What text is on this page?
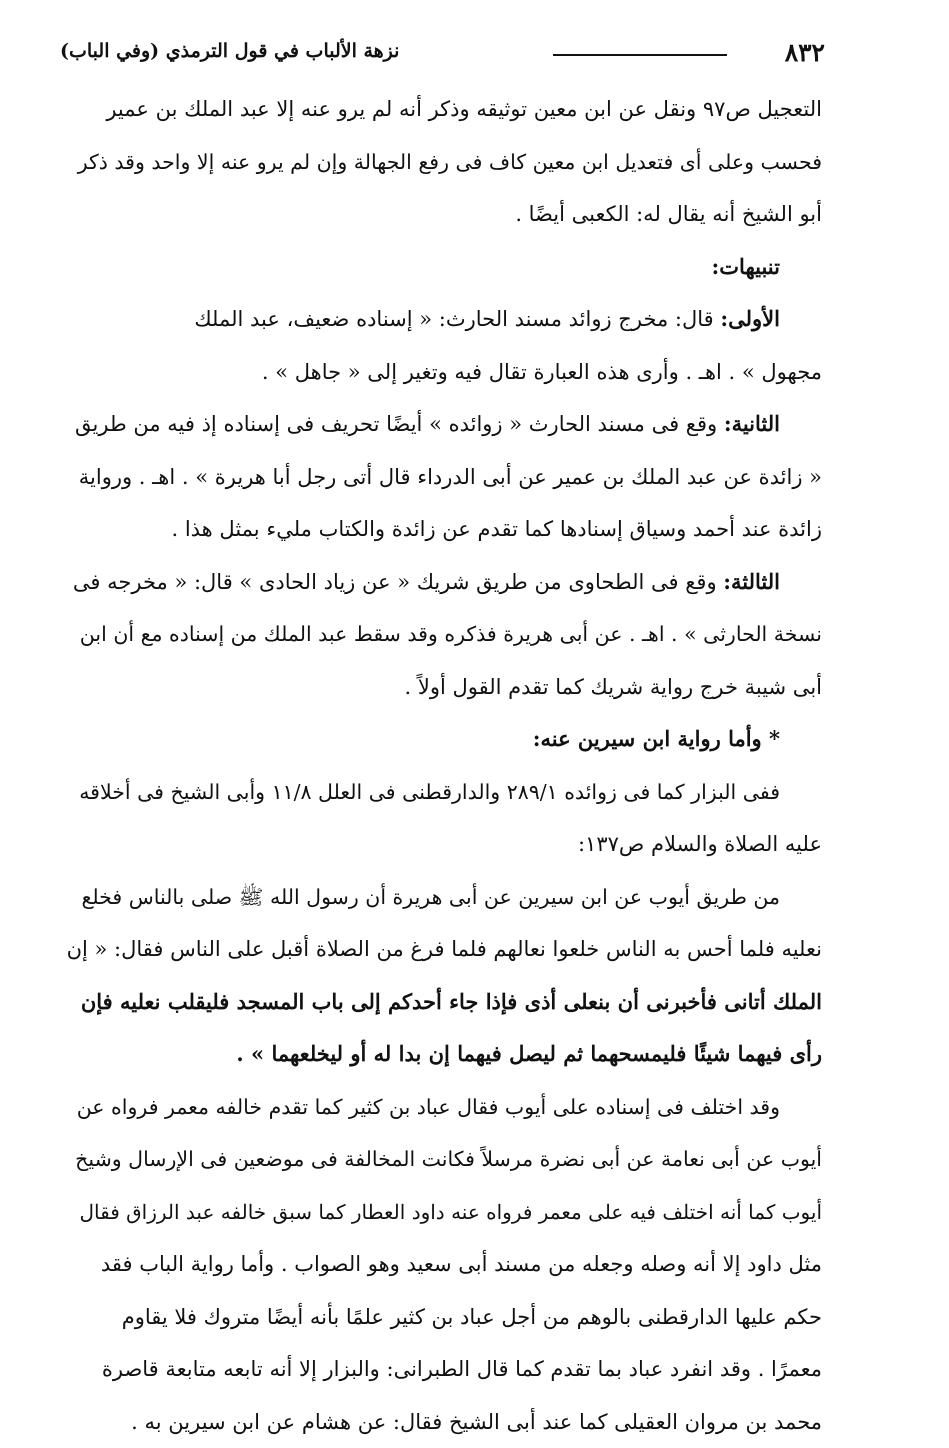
٨٣٢
نزهة الألباب في قول الترمذي (وفي الباب)
التعجيل ص٩٧ ونقل عن ابن معين توثيقه وذكر أنه لم يرو عنه إلا عبد الملك بن عمير
فحسب وعلى أى فتعديل ابن معين كاف فى رفع الجهالة وإن لم يرو عنه إلا واحد وقد ذكر
أبو الشيخ أنه يقال له: الكعبى أيضًا .
تنبيهات:
الأولى: قال: مخرج زوائد مسند الحارث: « إسناده ضعيف، عبد الملك
مجهول » . اهـ . وأرى هذه العبارة تقال فيه وتغير إلى « جاهل » .
الثانية: وقع فى مسند الحارث « زوائده » أيضًا تحريف فى إسناده إذ فيه من طريق
« زائدة عن عبد الملك بن عمير عن أبى الدرداء قال أتى رجل أبا هريرة » . اهـ . ورواية
زائدة عند أحمد وسياق إسنادها كما تقدم عن زائدة والكتاب مليء بمثل هذا .
الثالثة: وقع فى الطحاوى من طريق شريك « عن زياد الحادى » قال: « مخرجه فى
نسخة الحارثى » . اهـ . عن أبى هريرة فذكره وقد سقط عبد الملك من إسناده مع أن ابن
أبى شيبة خرج رواية شريك كما تقدم القول أولاً .
* وأما رواية ابن سيرين عنه:
ففى البزار كما فى زوائده ٢٨٩/١ والدارقطنى فى العلل ١١/٨ وأبى الشيخ فى أخلاقه
عليه الصلاة والسلام ص١٣٧:
من طريق أيوب عن ابن سيرين عن أبى هريرة أن رسول الله ﷺ صلى بالناس فخلع
نعليه فلما أحس به الناس خلعوا نعالهم فلما فرغ من الصلاة أقبل على الناس فقال: « إن
الملك أتانى فأخبرنى أن بنعلى أذى فإذا جاء أحدكم إلى باب المسجد فليقلب نعليه فإن
رأى فيهما شيئًا فليمسحهما ثم ليصل فيهما إن بدا له أو ليخلعهما » .
وقد اختلف فى إسناده على أيوب فقال عباد بن كثير كما تقدم خالفه معمر فرواه عن
أيوب عن أبى نعامة عن أبى نضرة مرسلاً فكانت المخالفة فى موضعين فى الإرسال وشيخ
أيوب كما أنه اختلف فيه على معمر فرواه عنه داود العطار كما سبق خالفه عبد الرزاق فقال
مثل داود إلا أنه وصله وجعله من مسند أبى سعيد وهو الصواب . وأما رواية الباب فقد
حكم عليها الدارقطنى بالوهم من أجل عباد بن كثير علمًا بأنه أيضًا متروك فلا يقاوم
معمرًا . وقد انفرد عباد بما تقدم كما قال الطبرانى: والبزار إلا أنه تابعه متابعة قاصرة
محمد بن مروان العقيلى كما عند أبى الشيخ فقال: عن هشام عن ابن سيرين به .
